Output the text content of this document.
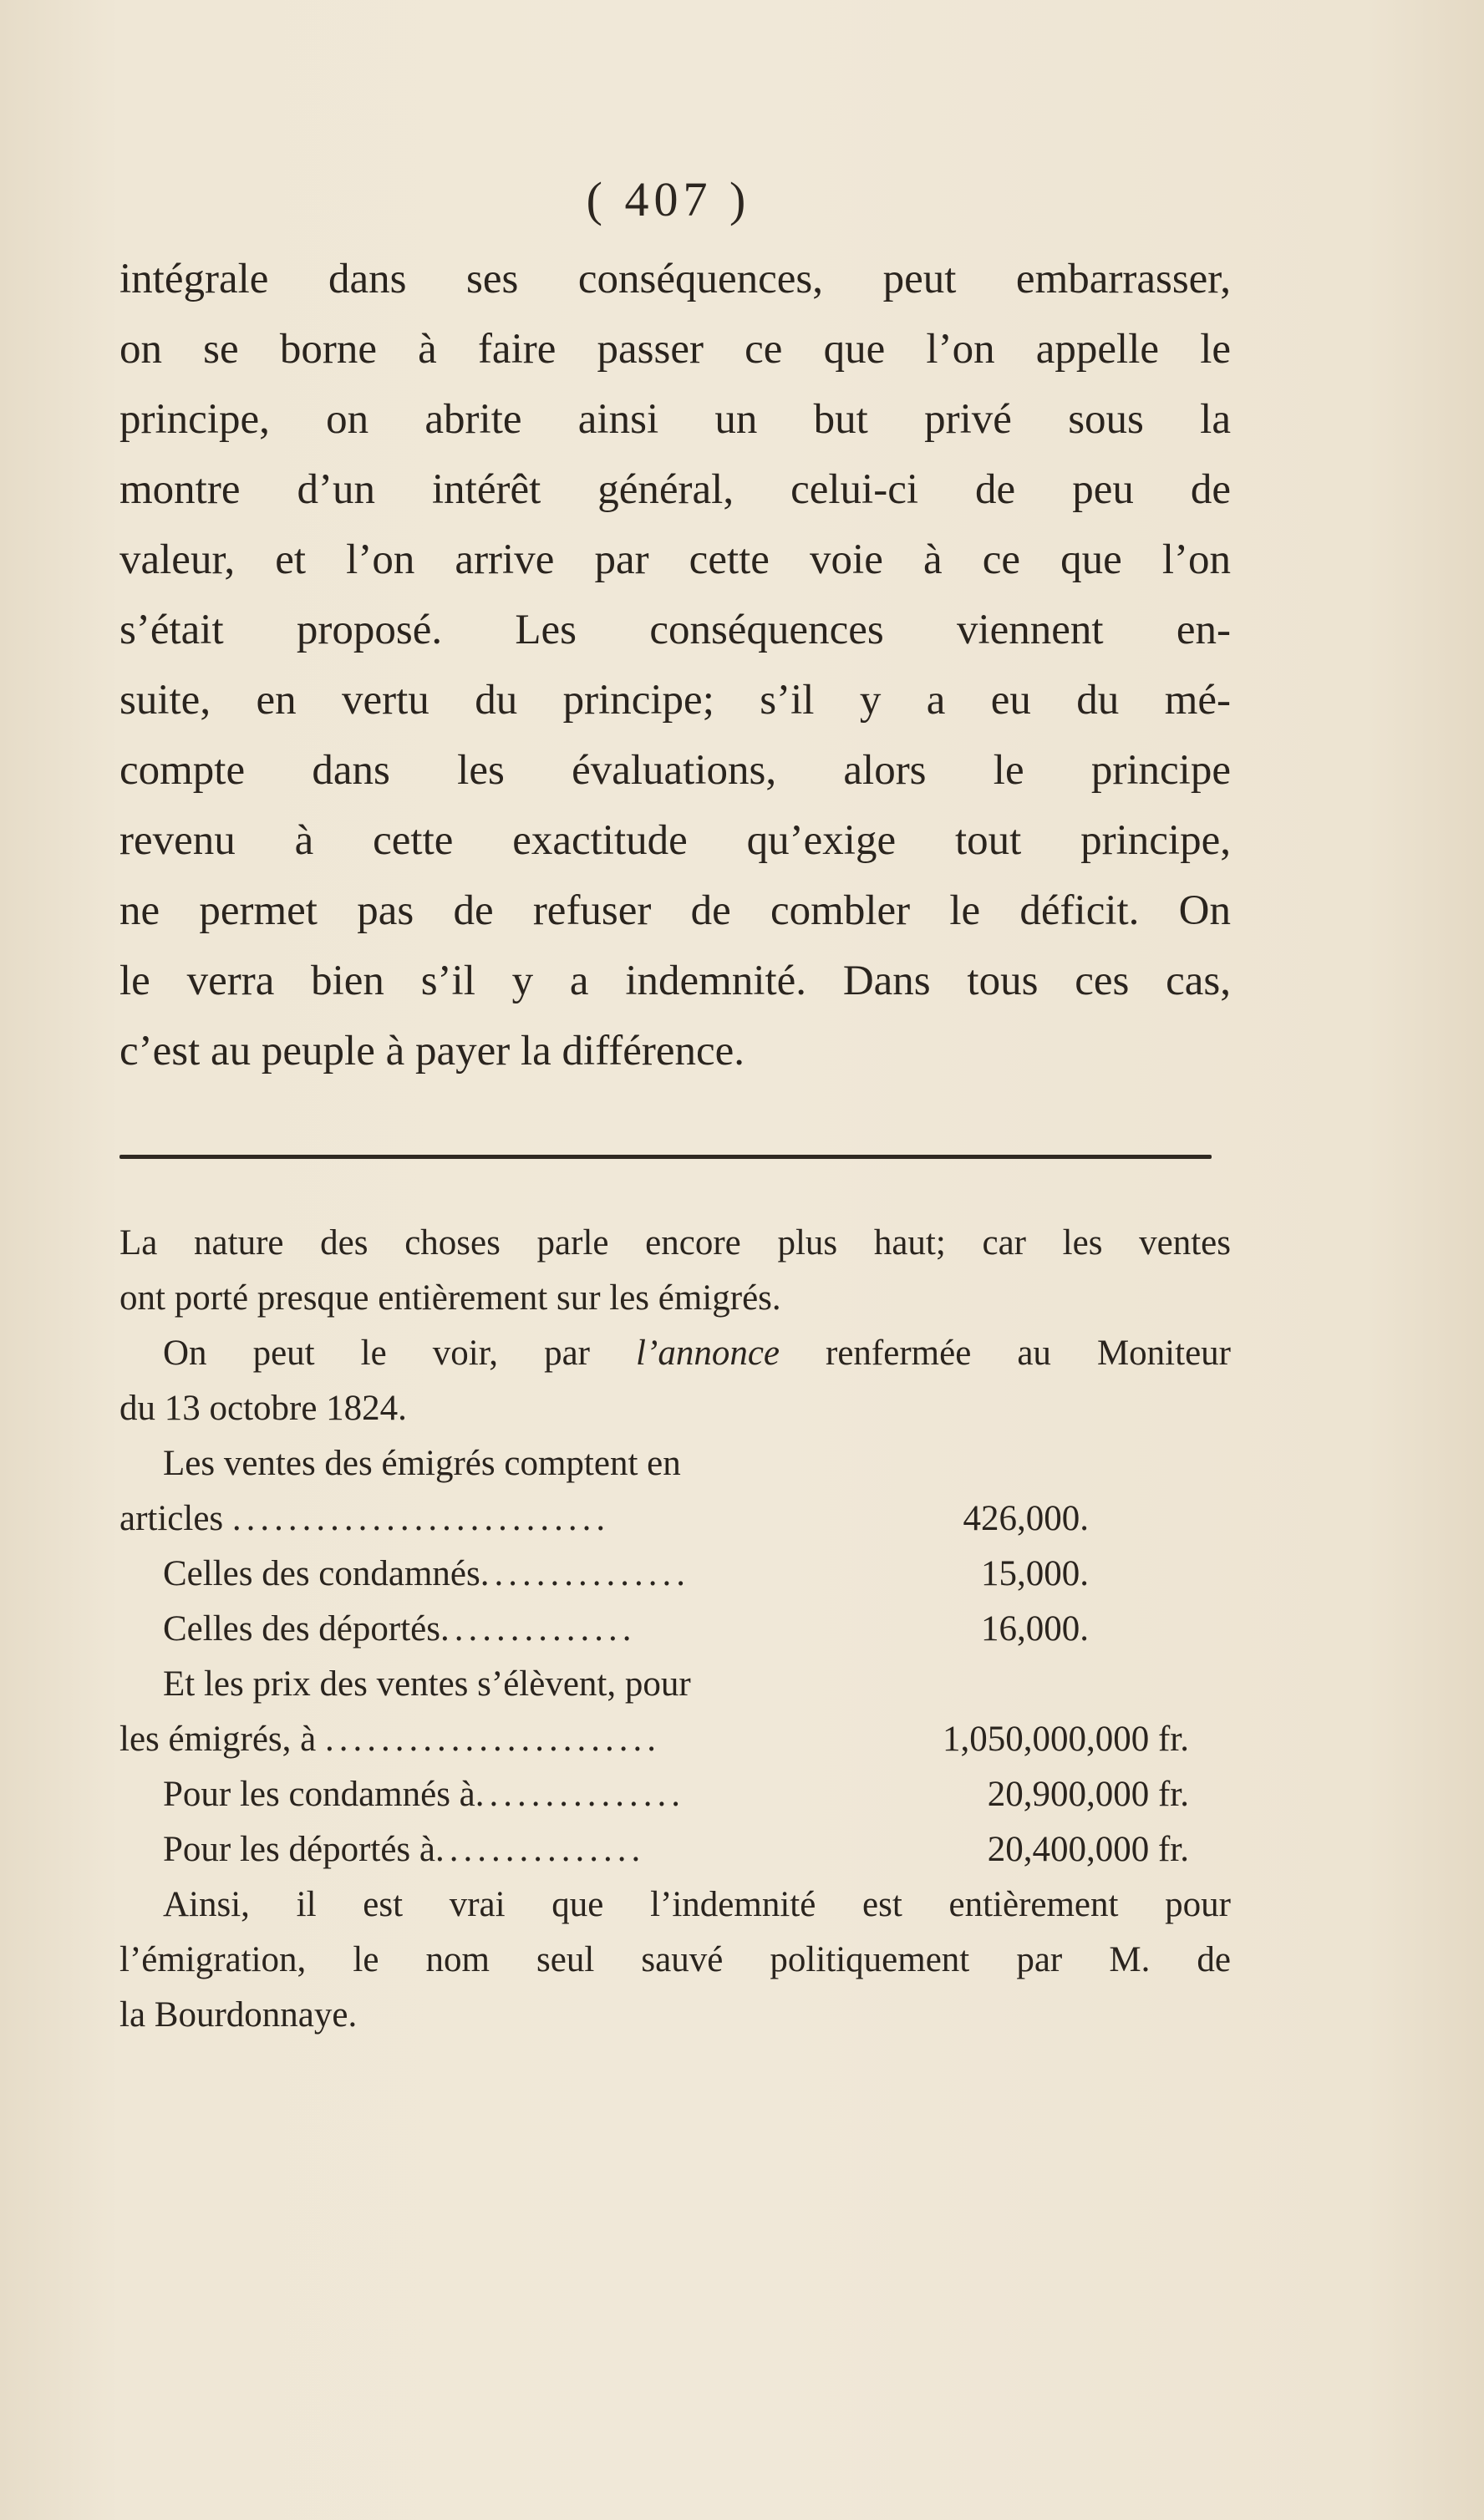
( 407 )
intégrale dans ses conséquences, peut embarrasser,
on se borne à faire passer ce que l’on appelle le
principe, on abrite ainsi un but privé sous la
montre d’un intérêt général, celui-ci de peu de
valeur, et l’on arrive par cette voie à ce que l’on
s’était proposé. Les conséquences viennent en-
suite, en vertu du principe; s’il y a eu du mé-
compte dans les évaluations, alors le principe
revenu à cette exactitude qu’exige tout principe,
ne permet pas de refuser de combler le déficit. On
le verra bien s’il y a indemnité. Dans tous ces cas,
c’est au peuple à payer la différence.
La nature des choses parle encore plus haut; car les ventes
ont porté presque entièrement sur les émigrés.
On peut le voir, par l’annonce renfermée au Moniteur
du 13 octobre 1824.
Les ventes des émigrés comptent en
articles ...........................	426,000.
Celles des condamnés...............	15,000.
Celles des déportés..............	16,000.
Et les prix des ventes s’élèvent, pour
les émigrés, à ........................	1,050,000,000 fr.
Pour les condamnés à...............	20,900,000 fr.
Pour les déportés à...............	20,400,000 fr.
Ainsi, il est vrai que l’indemnité est entièrement pour
l’émigration, le nom seul sauvé politiquement par M. de
la Bourdonnaye.
